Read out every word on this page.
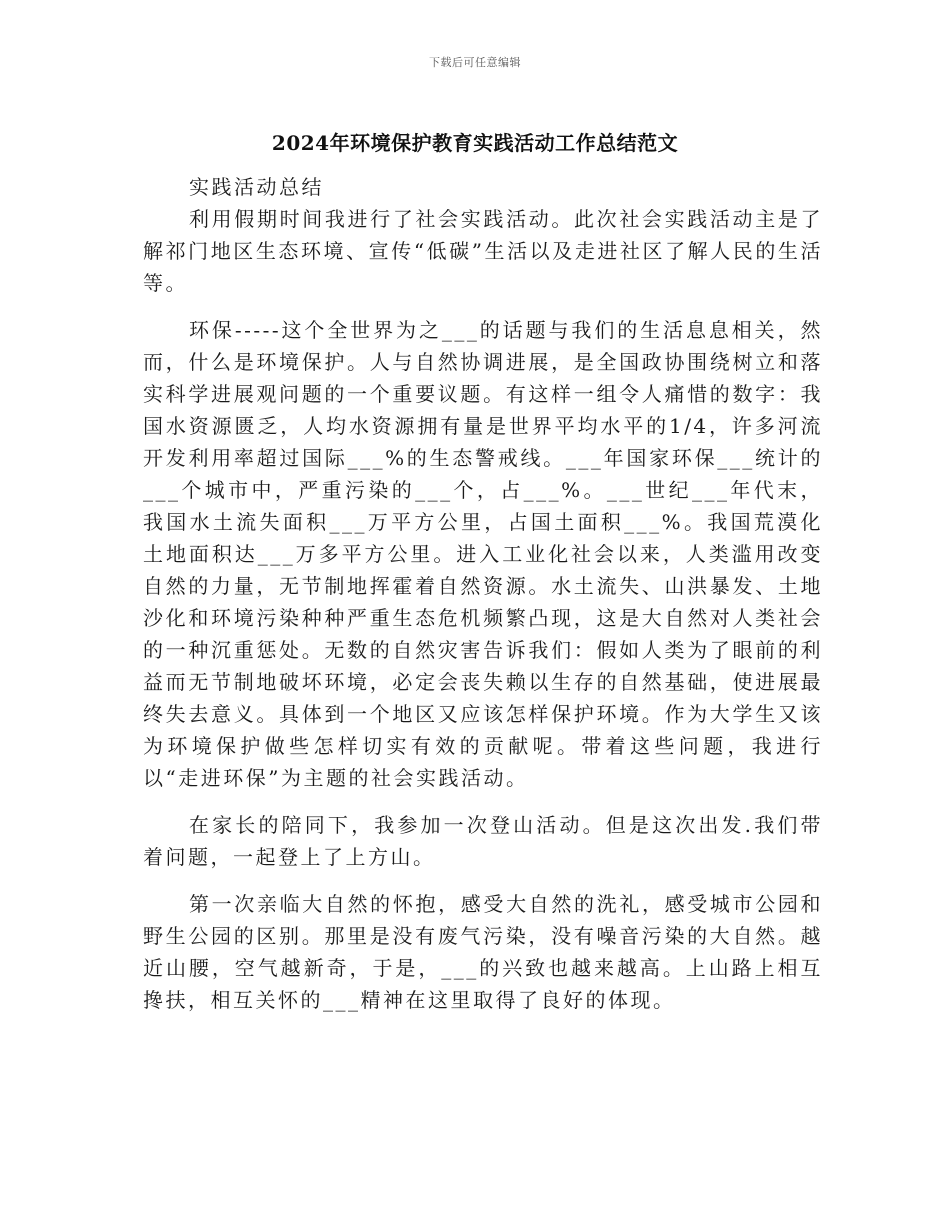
下载后可任意编辑
2024年环境保护教育实践活动工作总结范文

实践活动总结

利用假期时间我进行了社会实践活动。此次社会实践活动主是了解祁门地区生态环境、宣传“低碳”生活以及走进社区了解人民的生活等。

环保-----这个全世界为之___的话题与我们的生活息息相关，然而，什么是环境保护。人与自然协调进展，是全国政协围绕树立和落实科学进展观问题的一个重要议题。有这样一组令人痛惜的数字：我国水资源匮乏，人均水资源拥有量是世界平均水平的1/4，许多河流开发利用率超过国际___%的生态警戒线。___年国家环保___统计的___个城市中，严重污染的___个，占___%。___世纪___年代末，我国水土流失面积___万平方公里，占国土面积___%。我国荒漠化土地面积达___万多平方公里。进入工业化社会以来，人类滥用改变自然的力量，无节制地挥霍着自然资源。水土流失、山洪暴发、土地沙化和环境污染种种严重生态危机频繁凸现，这是大自然对人类社会的一种沉重惩处。无数的自然灾害告诉我们：假如人类为了眼前的利益而无节制地破坏环境，必定会丧失赖以生存的自然基础，使进展最终失去意义。具体到一个地区又应该怎样保护环境。作为大学生又该为环境保护做些怎样切实有效的贡献呢。带着这些问题，我进行以“走进环保”为主题的社会实践活动。

在家长的陪同下，我参加一次登山活动。但是这次出发.我们带着问题，一起登上了上方山。

第一次亲临大自然的怀抱，感受大自然的洗礼，感受城市公园和野生公园的区别。那里是没有废气污染，没有噪音污染的大自然。越近山腰，空气越新奇，于是，___的兴致也越来越高。上山路上相互搀扶，相互关怀的___精神在这里取得了良好的体现。
